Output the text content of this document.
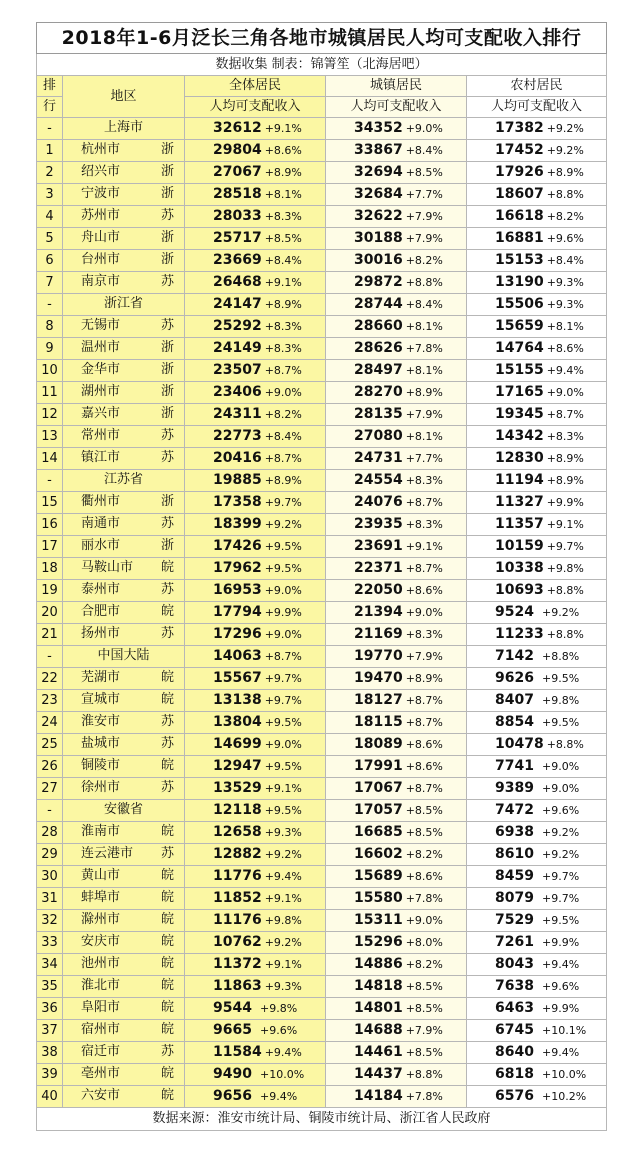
2018年1-6月泛长三角各地市城镇居民人均可支配收入排行				
数据收集 制表：锦箐笙（北海居吧）				
排	地区	全体居民	城镇居民	农村居民
行		人均可支配收入	人均可支配收入	人均可支配收入
-	上海市	32612 +9.1%	34352 +9.0%	17382 +9.2%
1	杭州市 浙	29804 +8.6%	33867 +8.4%	17452 +9.2%
2	绍兴市 浙	27067 +8.9%	32694 +8.5%	17926 +8.9%
3	宁波市 浙	28518 +8.1%	32684 +7.7%	18607 +8.8%
4	苏州市 苏	28033 +8.3%	32622 +7.9%	16618 +8.2%
5	舟山市 浙	25717 +8.5%	30188 +7.9%	16881 +9.6%
6	台州市 浙	23669 +8.4%	30016 +8.2%	15153 +8.4%
7	南京市 苏	26468 +9.1%	29872 +8.8%	13190 +9.3%
-	浙江省	24147 +8.9%	28744 +8.4%	15506 +9.3%
8	无锡市 苏	25292 +8.3%	28660 +8.1%	15659 +8.1%
9	温州市 浙	24149 +8.3%	28626 +7.8%	14764 +8.6%
10	金华市 浙	23507 +8.7%	28497 +8.1%	15155 +9.4%
11	湖州市 浙	23406 +9.0%	28270 +8.9%	17165 +9.0%
12	嘉兴市 浙	24311 +8.2%	28135 +7.9%	19345 +8.7%
13	常州市 苏	22773 +8.4%	27080 +8.1%	14342 +8.3%
14	镇江市 苏	20416 +8.7%	24731 +7.7%	12830 +8.9%
-	江苏省	19885 +8.9%	24554 +8.3%	11194 +8.9%
15	衢州市 浙	17358 +9.7%	24076 +8.7%	11327 +9.9%
16	南通市 苏	18399 +9.2%	23935 +8.3%	11357 +9.1%
17	丽水市 浙	17426 +9.5%	23691 +9.1%	10159 +9.7%
18	马鞍山市 皖	17962 +9.5%	22371 +8.7%	10338 +9.8%
19	泰州市 苏	16953 +9.0%	22050 +8.6%	10693 +8.8%
20	合肥市 皖	17794 +9.9%	21394 +9.0%	9524 +9.2%
21	扬州市 苏	17296 +9.0%	21169 +8.3%	11233 +8.8%
-	中国大陆	14063 +8.7%	19770 +7.9%	7142 +8.8%
22	芜湖市 皖	15567 +9.7%	19470 +8.9%	9626 +9.5%
23	宣城市 皖	13138 +9.7%	18127 +8.7%	8407 +9.8%
24	淮安市 苏	13804 +9.5%	18115 +8.7%	8854 +9.5%
25	盐城市 苏	14699 +9.0%	18089 +8.6%	10478 +8.8%
26	铜陵市 皖	12947 +9.5%	17991 +8.6%	7741 +9.0%
27	徐州市 苏	13529 +9.1%	17067 +8.7%	9389 +9.0%
-	安徽省	12118 +9.5%	17057 +8.5%	7472 +9.6%
28	淮南市 皖	12658 +9.3%	16685 +8.5%	6938 +9.2%
29	连云港市 苏	12882 +9.2%	16602 +8.2%	8610 +9.2%
30	黄山市 皖	11776 +9.4%	15689 +8.6%	8459 +9.7%
31	蚌埠市 皖	11852 +9.1%	15580 +7.8%	8079 +9.7%
32	滁州市 皖	11176 +9.8%	15311 +9.0%	7529 +9.5%
33	安庆市 皖	10762 +9.2%	15296 +8.0%	7261 +9.9%
34	池州市 皖	11372 +9.1%	14886 +8.2%	8043 +9.4%
35	淮北市 皖	11863 +9.3%	14818 +8.5%	7638 +9.6%
36	阜阳市 皖	9544 +9.8%	14801 +8.5%	6463 +9.9%
37	宿州市 皖	9665 +9.6%	14688 +7.9%	6745 +10.1%
38	宿迁市 苏	11584 +9.4%	14461 +8.5%	8640 +9.4%
39	亳州市 皖	9490 +10.0%	14437 +8.8%	6818 +10.0%
40	六安市 皖	9656 +9.4%	14184 +7.8%	6576 +10.2%
数据来源：淮安市统计局、铜陵市统计局、浙江省人民政府				
